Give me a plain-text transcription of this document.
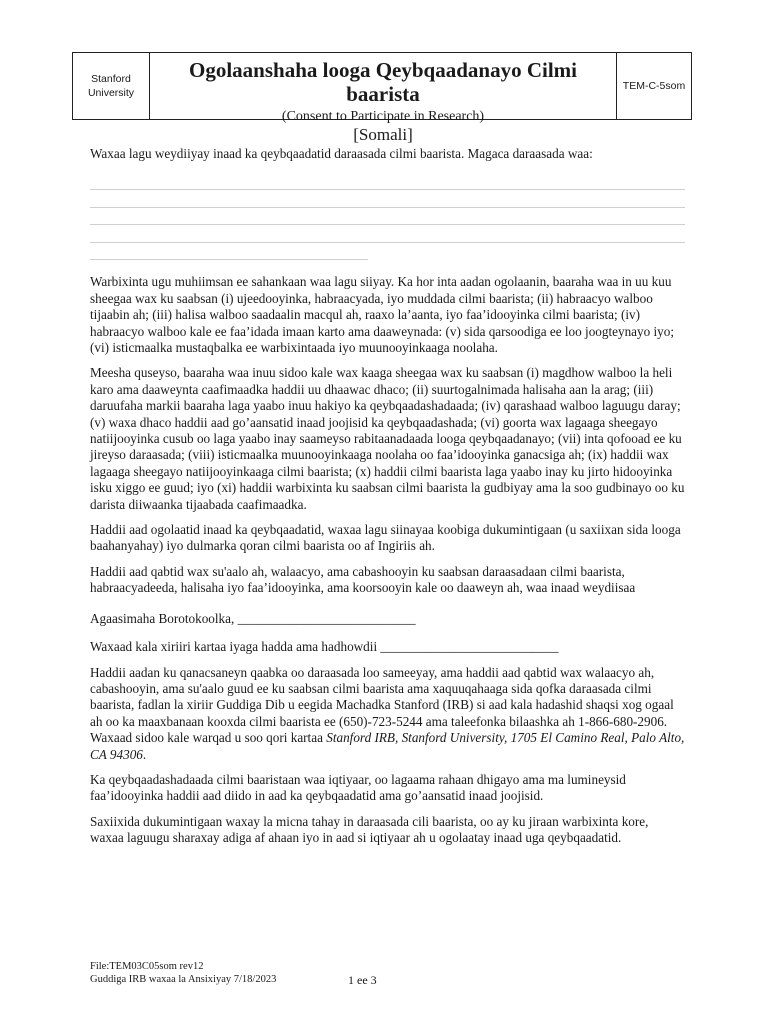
Stanford
University
Ogolaanshaha looga Qeybqaadanayo Cilmi baarista
(Consent to Participate in Research)
[Somali]
TEM-C-5som

Waxaa lagu weydiiyay inaad ka qeybqaadatid daraasada cilmi baarista. Magaca daraasada waa:

Warbixinta ugu muhiimsan ee sahankaan waa lagu siiyay. Ka hor inta aadan ogolaanin, baaraha waa in uu kuu sheegaa wax ku saabsan (i) ujeedooyinka, habraacyada, iyo muddada cilmi baarista; (ii) habraacyo walboo tijaabin ah; (iii) halisa walboo saadaalin macqul ah, raaxo la’aanta, iyo faa’idooyinka cilmi baarista; (iv) habraacyo walboo kale ee faa’idada imaan karto ama daaweynada: (v) sida qarsoodiga ee loo joogteynayo iyo; (vi) isticmaalka mustaqbalka ee warbixintaada iyo muunooyinkaaga noolaha.

Meesha quseyso, baaraha waa inuu sidoo kale wax kaaga sheegaa wax ku saabsan (i) magdhow walboo la heli karo ama daaweynta caafimaadka haddii uu dhaawac dhaco; (ii) suurtogalnimada halisaha aan la arag; (iii) daruufaha markii baaraha laga yaabo inuu hakiyo ka qeybqaadashadaada; (iv) qarashaad walboo laguugu daray; (v) waxa dhaco haddii aad go’aansatid inaad joojisid ka qeybqaadashada; (vi) goorta wax lagaaga sheegayo natiijooyinka cusub oo laga yaabo inay saameyso rabitaanadaada looga qeybqaadanayo; (vii) inta qofooad ee ku jireyso daraasada; (viii) isticmaalka muunooyinkaaga noolaha oo faa’idooyinka ganacsiga ah; (ix) haddii wax lagaaga sheegayo natiijooyinkaaga cilmi baarista; (x) haddii cilmi baarista laga yaabo inay ku jirto hidooyinka isku xiggo ee guud; iyo (xi) haddii warbixinta ku saabsan cilmi baarista la gudbiyay ama la soo gudbinayo oo ku darista diiwaanka tijaabada caafimaadka.

Haddii aad ogolaatid inaad ka qeybqaadatid, waxaa lagu siinayaa koobiga dukumintigaan (u saxiixan sida looga baahanyahay) iyo dulmarka qoran cilmi baarista oo af Ingiriis ah.

Haddii aad qabtid wax su'aalo ah, walaacyo, ama cabashooyin ku saabsan daraasadaan cilmi baarista, habraacyadeeda, halisaha iyo faa’idooyinka, ama koorsooyin kale oo daaweyn ah, waa inaad weydiisaa

Agaasimaha Borotokoolka, ___________________________

Waxaad kala xiriiri kartaa iyaga hadda ama hadhowdii ___________________________

Haddii aadan ku qanacsaneyn qaabka oo daraasada loo sameeyay, ama haddii aad qabtid wax walaacyo ah, cabashooyin, ama su'aalo guud ee ku saabsan cilmi baarista ama xaquuqahaaga sida qofka daraasada cilmi baarista, fadlan la xiriir Guddiga Dib u eegida Machadka Stanford (IRB) si aad kala hadashid shaqsi xog ogaal ah oo ka maaxbanaan kooxda cilmi baarista ee (650)-723-5244 ama taleefonka bilaashka ah 1-866-680-2906. Waxaad sidoo kale warqad u soo qori kartaa Stanford IRB, Stanford University, 1705 El Camino Real, Palo Alto, CA 94306.

Ka qeybqaadashadaada cilmi baaristaan waa iqtiyaar, oo lagaama rahaan dhigayo ama ma lumineysid faa’idooyinka haddii aad diido in aad ka qeybqaadatid ama go’aansatid inaad joojisid.

Saxiixida dukumintigaan waxay la micna tahay in daraasada cili baarista, oo ay ku jiraan warbixinta kore, waxaa laguugu sharaxay adiga af ahaan iyo in aad si iqtiyaar ah u ogolaatay inaad uga qeybqaadatid.

File:TEM03C05som rev12
Guddiga IRB waxaa la Ansixiyay 7/18/2023	1 ee 3
